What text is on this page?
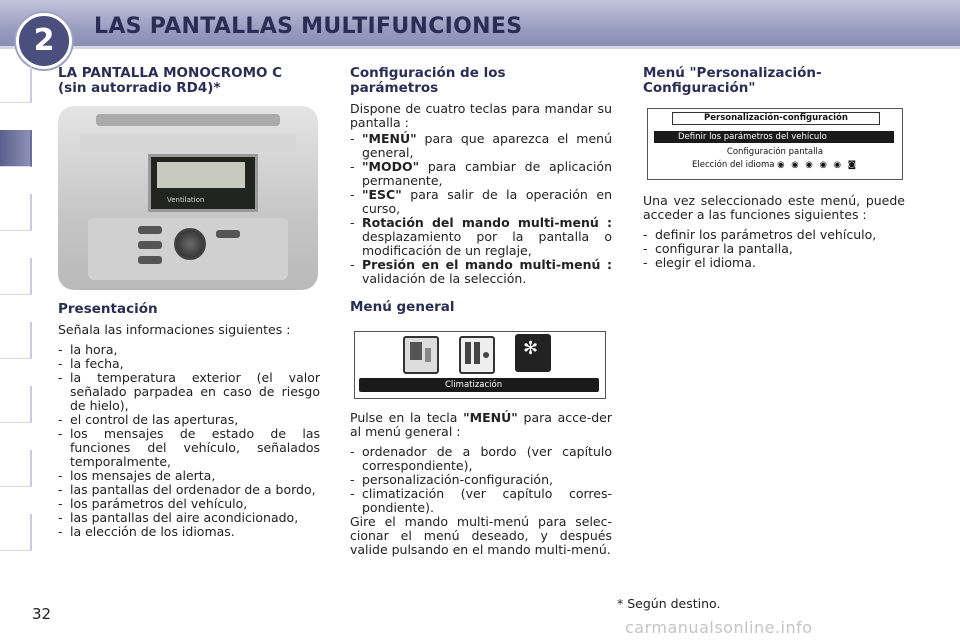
2	LAS PANTALLAS MULTIFUNCIONES
LA PANTALLA MONOCROMO C
(sin autorradio RD4)*
Ventilation
Presentación

Señala las informaciones siguientes :

- la hora,
- la fecha,
- la temperatura exterior (el valor señalado parpadea en caso de riesgo de hielo),
- el control de las aperturas,
- los mensajes de estado de las funciones del vehículo, señalados temporalmente,
- los mensajes de alerta,
- las pantallas del ordenador de a bordo,
- los parámetros del vehículo,
- las pantallas del aire acondicionado,
- la elección de los idiomas.
Configuración de los
parámetros

Dispone de cuatro teclas para mandar su pantalla :

- "MENÚ" para que aparezca el menú general,
- "MODO" para cambiar de aplicación permanente,
- "ESC" para salir de la operación en curso,
- Rotación del mando multi-menú : desplazamiento por la pantalla o modificación de un reglaje,
- Presión en el mando multi-menú : validación de la selección.
Menú general
✻
Climatización

Pulse en la tecla "MENÚ" para acce-der al menú general :

- ordenador de a bordo (ver capítulo correspondiente),
- personalización-configuración,
- climatización (ver capítulo corres-pondiente).

Gire el mando multi-menú para selec-cionar el menú deseado, y después valide pulsando en el mando multi-menú.

Menú "Personalización-
Configuración"
Personalización-configuración
Definir los parámetros del vehículo
Configuración pantalla
Elección del idioma ◉ ◉ ◉ ◉ ◉ ◙

Una vez seleccionado este menú, puede acceder a las funciones siguientes :

- definir los parámetros del vehículo,
- configurar la pantalla,
- elegir el idioma.
32
* Según destino.
carmanualsonline.info
